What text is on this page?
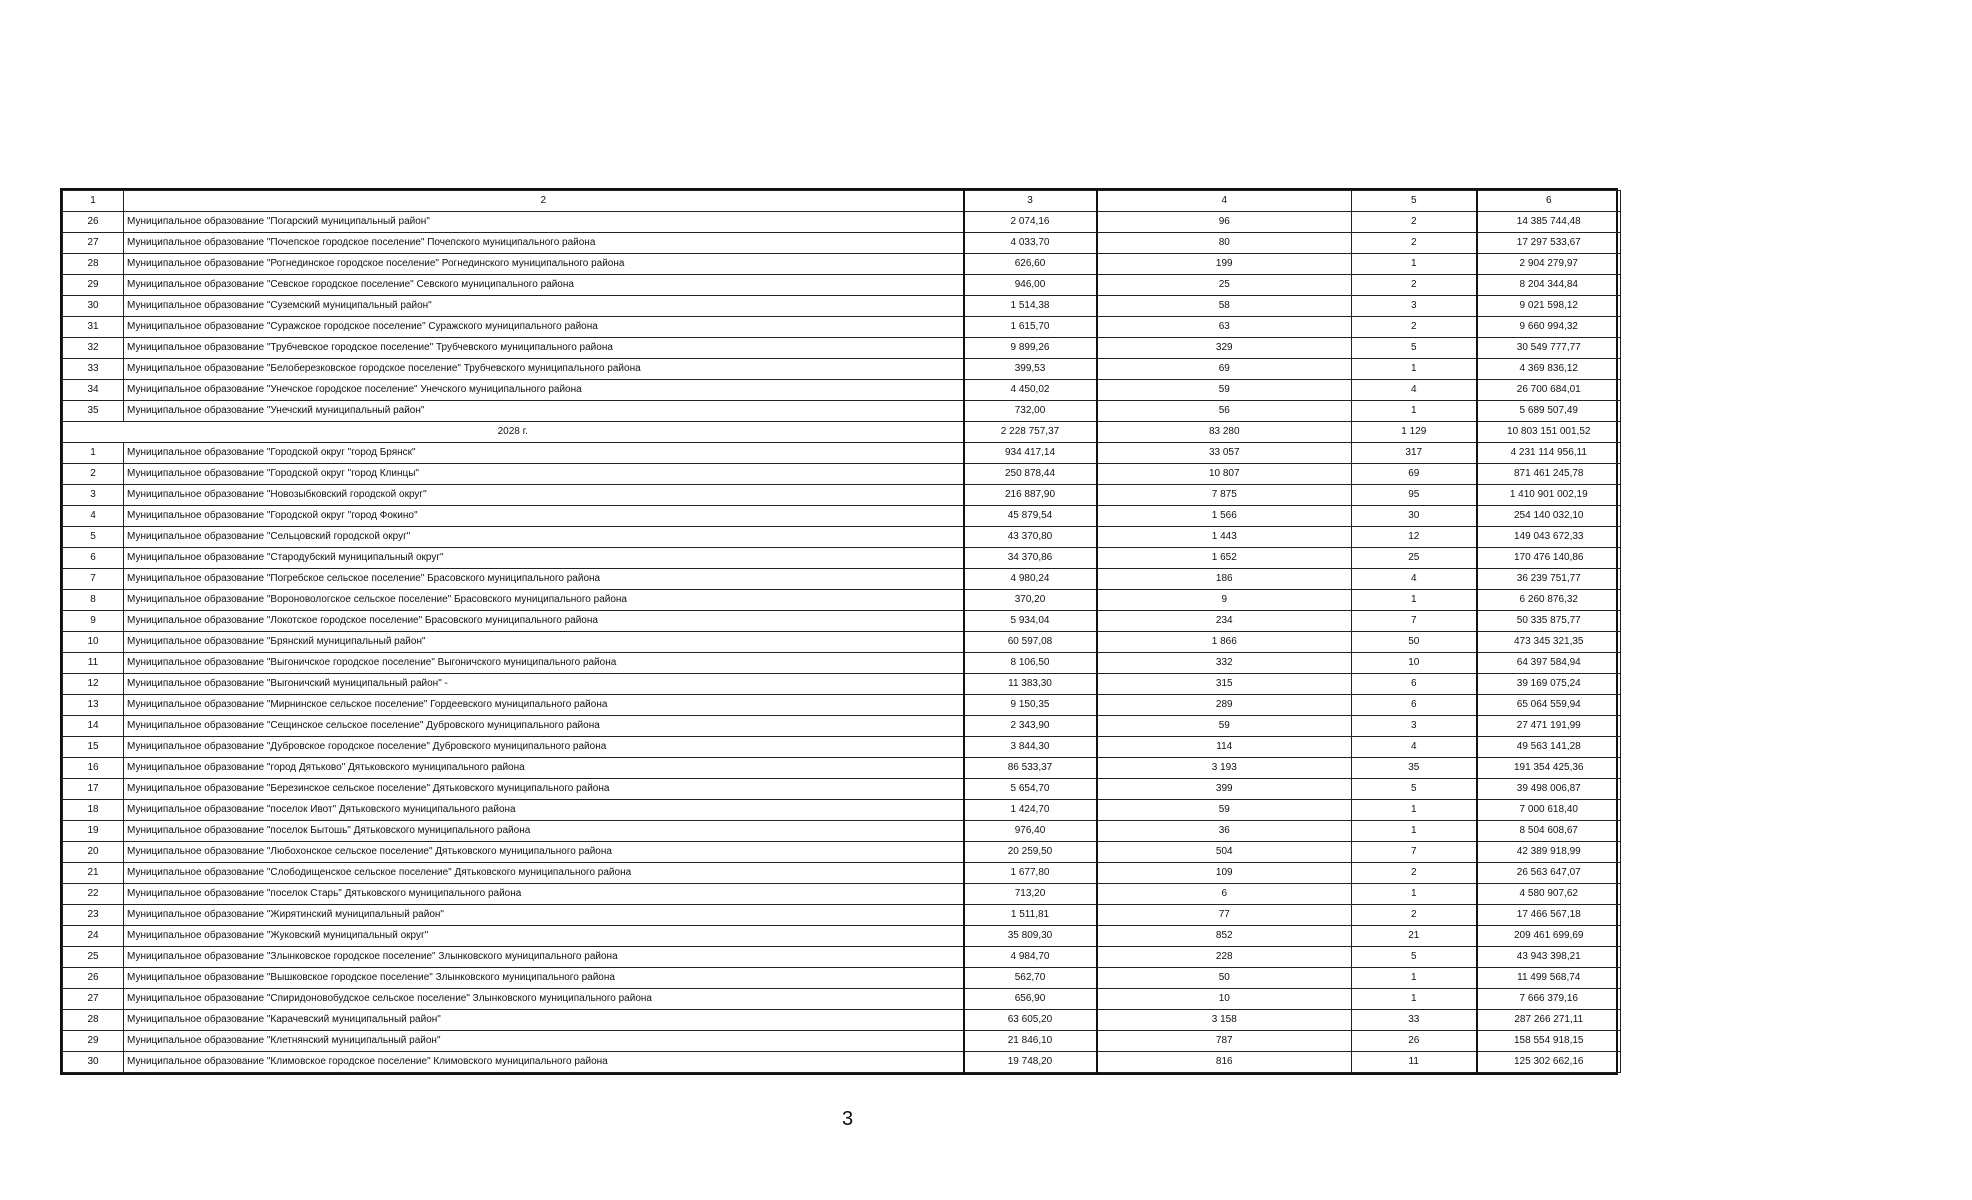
1	2	3	4	5	6
26	Муниципальное образование "Погарский муниципальный район"	2 074,16	96	2	14 385 744,48
27	Муниципальное образование "Почепское городское поселение" Почепского муниципального района	4 033,70	80	2	17 297 533,67
28	Муниципальное образование "Рогнединское городское поселение" Рогнединского муниципального района	626,60	199	1	2 904 279,97
29	Муниципальное образование "Севское городское поселение" Севского муниципального района	946,00	25	2	8 204 344,84
30	Муниципальное образование "Суземский муниципальный район"	1 514,38	58	3	9 021 598,12
31	Муниципальное образование "Суражское городское поселение" Суражского муниципального района	1 615,70	63	2	9 660 994,32
32	Муниципальное образование "Трубчевское городское поселение" Трубчевского муниципального района	9 899,26	329	5	30 549 777,77
33	Муниципальное образование "Белоберезковское городское поселение" Трубчевского муниципального района	399,53	69	1	4 369 836,12
34	Муниципальное образование "Унечское городское поселение" Унечского муниципального района	4 450,02	59	4	26 700 684,01
35	Муниципальное образование "Унечский муниципальный район"	732,00	56	1	5 689 507,49
2028 г.		2 228 757,37	83 280	1 129	10 803 151 001,52
1	Муниципальное образование "Городской округ "город Брянск"	934 417,14	33 057	317	4 231 114 956,11
2	Муниципальное образование "Городской округ "город Клинцы"	250 878,44	10 807	69	871 461 245,78
3	Муниципальное образование "Новозыбковский городской округ"	216 887,90	7 875	95	1 410 901 002,19
4	Муниципальное образование "Городской округ "город Фокино"	45 879,54	1 566	30	254 140 032,10
5	Муниципальное образование "Сельцовский городской округ"	43 370,80	1 443	12	149 043 672,33
6	Муниципальное образование "Стародубский муниципальный округ"	34 370,86	1 652	25	170 476 140,86
7	Муниципальное образование "Погребское сельское поселение" Брасовского муниципального района	4 980,24	186	4	36 239 751,77
8	Муниципальное образование "Вороновологское сельское поселение" Брасовского муниципального района	370,20	9	1	6 260 876,32
9	Муниципальное образование "Локотское городское поселение" Брасовского муниципального района	5 934,04	234	7	50 335 875,77
10	Муниципальное образование "Брянский муниципальный район"	60 597,08	1 866	50	473 345 321,35
11	Муниципальное образование "Выгоничское городское поселение" Выгоничского муниципального района	8 106,50	332	10	64 397 584,94
12	Муниципальное образование "Выгоничский муниципальный район" -	11 383,30	315	6	39 169 075,24
13	Муниципальное образование "Мирнинское сельское поселение" Гордеевского муниципального района	9 150,35	289	6	65 064 559,94
14	Муниципальное образование "Сещинское сельское поселение" Дубровского муниципального района	2 343,90	59	3	27 471 191,99
15	Муниципальное образование "Дубровское городское поселение" Дубровского муниципального района	3 844,30	114	4	49 563 141,28
16	Муниципальное образование "город Дятьково" Дятьковского муниципального района	86 533,37	3 193	35	191 354 425,36
17	Муниципальное образование "Березинское сельское поселение" Дятьковского муниципального района	5 654,70	399	5	39 498 006,87
18	Муниципальное образование "поселок Ивот" Дятьковского муниципального района	1 424,70	59	1	7 000 618,40
19	Муниципальное образование "поселок Бытошь" Дятьковского муниципального района	976,40	36	1	8 504 608,67
20	Муниципальное образование "Любохонское сельское поселение" Дятьковского муниципального района	20 259,50	504	7	42 389 918,99
21	Муниципальное образование "Слободищенское сельское поселение" Дятьковского муниципального района	1 677,80	109	2	26 563 647,07
22	Муниципальное образование "поселок Старь" Дятьковского муниципального района	713,20	6	1	4 580 907,62
23	Муниципальное образование "Жирятинский муниципальный район"	1 511,81	77	2	17 466 567,18
24	Муниципальное образование "Жуковский муниципальный округ"	35 809,30	852	21	209 461 699,69
25	Муниципальное образование "Злынковское городское поселение" Злынковского муниципального района	4 984,70	228	5	43 943 398,21
26	Муниципальное образование "Вышковское городское поселение" Злынковского муниципального района	562,70	50	1	11 499 568,74
27	Муниципальное образование "Спиридоновобудское сельское поселение" Злынковского муниципального района	656,90	10	1	7 666 379,16
28	Муниципальное образование "Карачевский муниципальный район"	63 605,20	3 158	33	287 266 271,11
29	Муниципальное образование "Клетнянский муниципальный район"	21 846,10	787	26	158 554 918,15
30	Муниципальное образование "Климовское городское поселение" Климовского муниципального района	19 748,20	816	11	125 302 662,16
3
